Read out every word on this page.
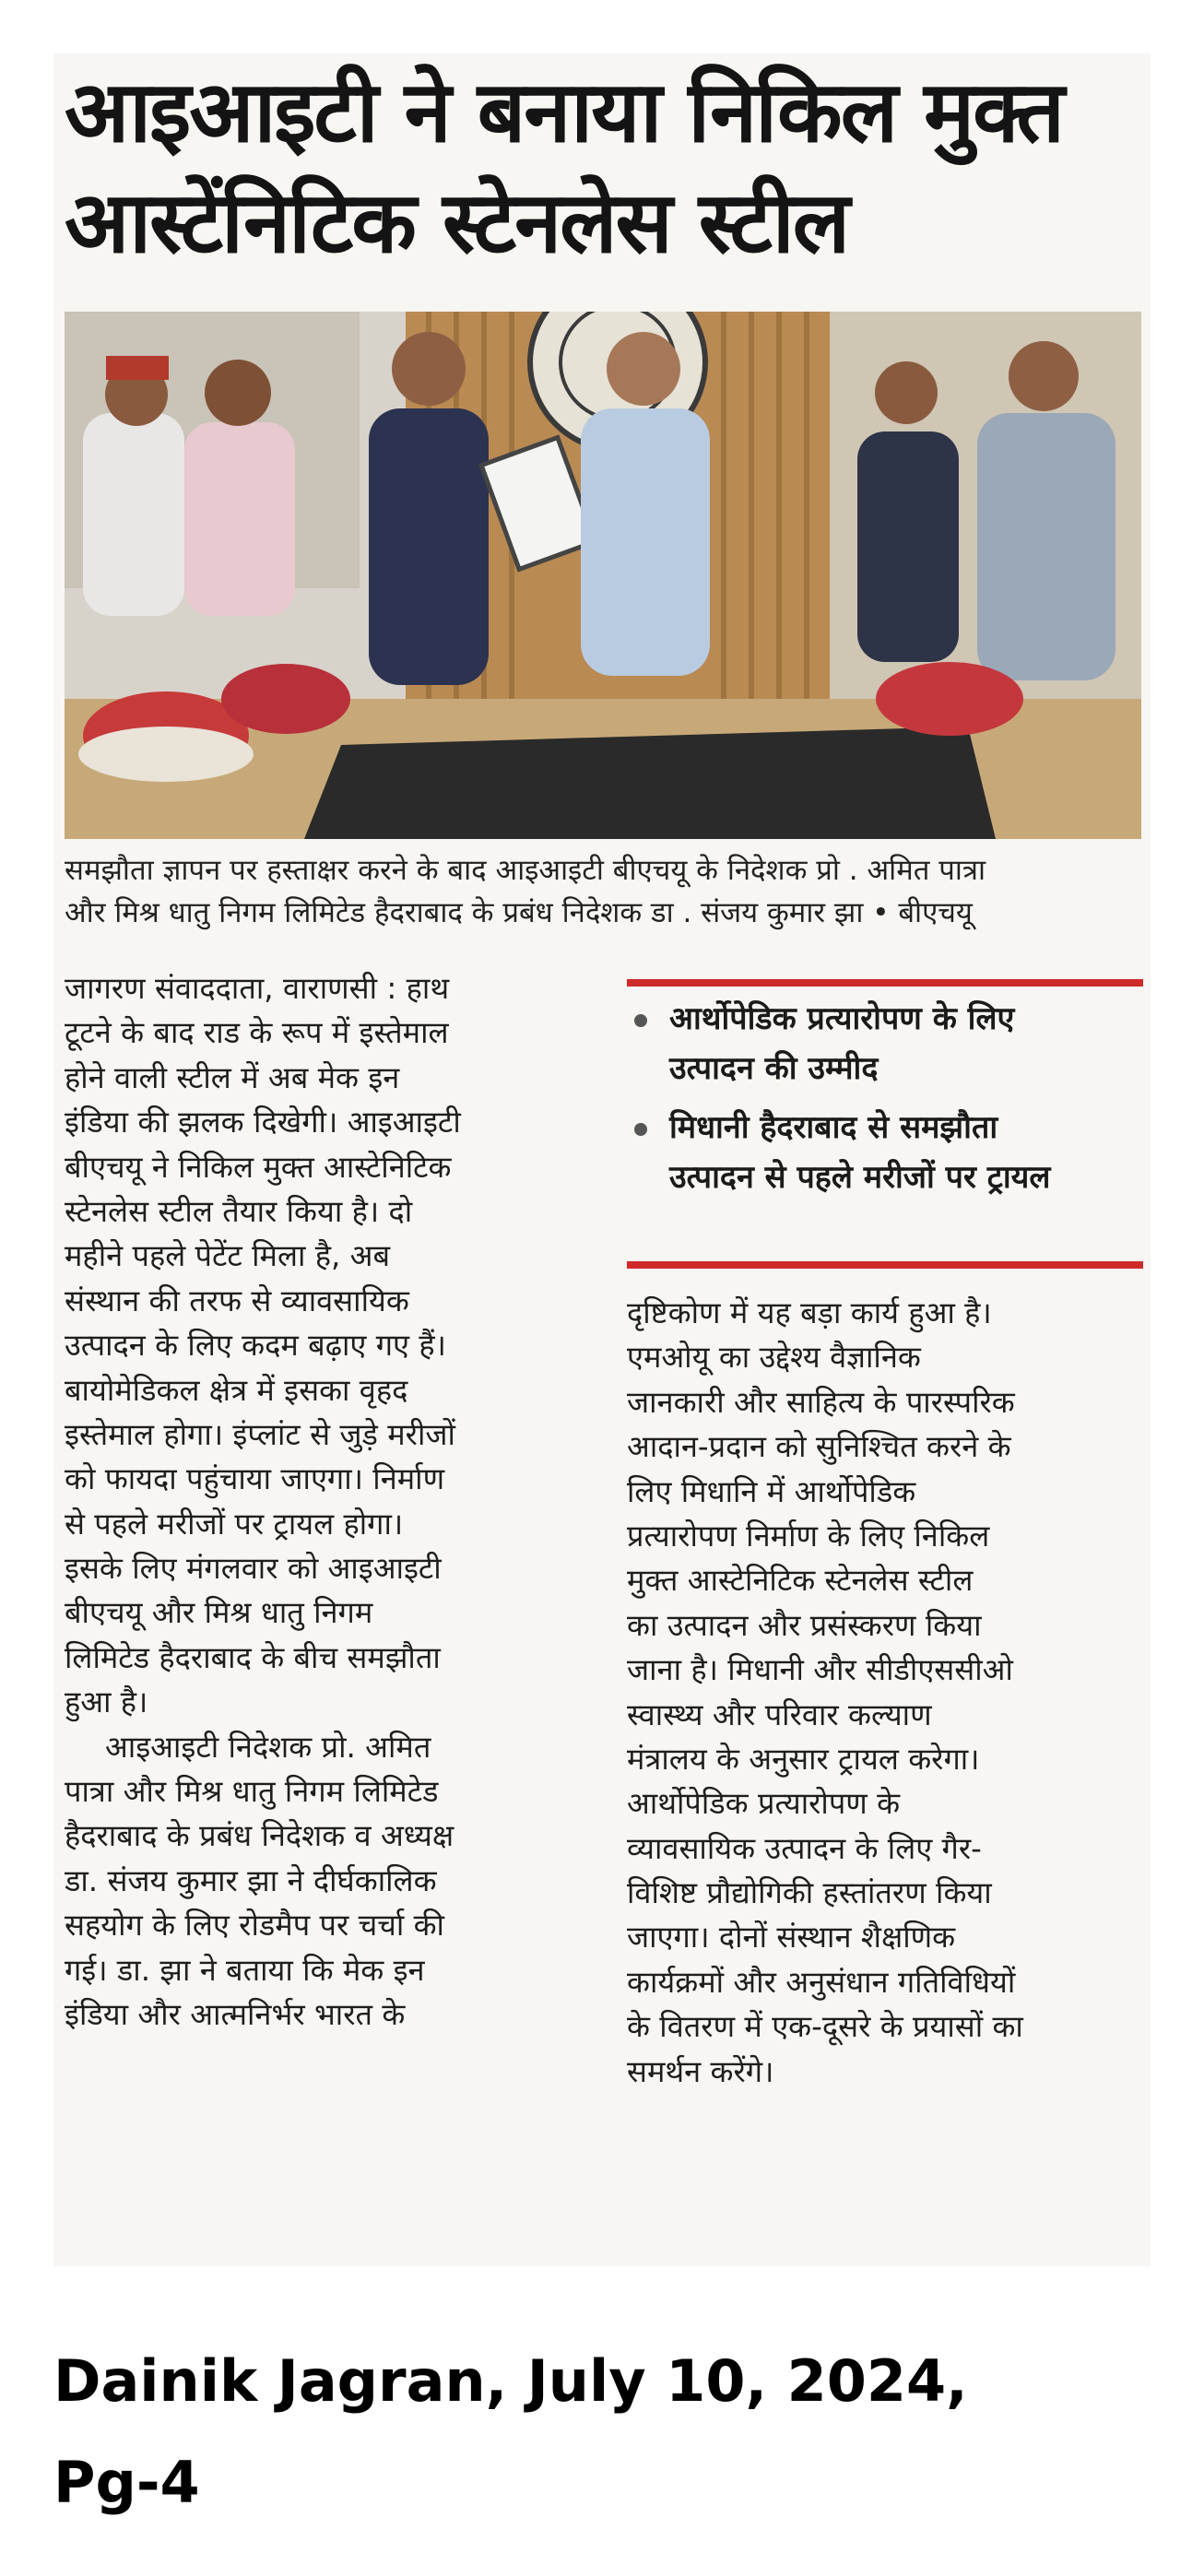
आइआइटी ने बनाया निकिल मुक्त
आस्टेंनिटिक स्टेनलेस स्टील
समझौता ज्ञापन पर हस्ताक्षर करने के बाद आइआइटी बीएचयू के निदेशक प्रो . अमित पात्रा
और मिश्र धातु निगम लिमिटेड हैदराबाद के प्रबंध निदेशक डा . संजय कुमार झा • बीएचयू
जागरण संवाददाता, वाराणसी : हाथ
टूटने के बाद राड के रूप में इस्तेमाल
होने वाली स्टील में अब मेक इन
इंडिया की झलक दिखेगी। आइआइटी
बीएचयू ने निकिल मुक्त आस्टेनिटिक
स्टेनलेस स्टील तैयार किया है। दो
महीने पहले पेटेंट मिला है, अब
संस्थान की तरफ से व्यावसायिक
उत्पादन के लिए कदम बढ़ाए गए हैं।
बायोमेडिकल क्षेत्र में इसका वृहद
इस्तेमाल होगा। इंप्लांट से जुड़े मरीजों
को फायदा पहुंचाया जाएगा। निर्माण
से पहले मरीजों पर ट्रायल होगा।
इसके लिए मंगलवार को आइआइटी
बीएचयू और मिश्र धातु निगम
लिमिटेड हैदराबाद के बीच समझौता
हुआ है।
आइआइटी निदेशक प्रो. अमित
पात्रा और मिश्र धातु निगम लिमिटेड
हैदराबाद के प्रबंध निदेशक व अध्यक्ष
डा. संजय कुमार झा ने दीर्घकालिक
सहयोग के लिए रोडमैप पर चर्चा की
गई। डा. झा ने बताया कि मेक इन
इंडिया और आत्मनिर्भर भारत के
आर्थोपेडिक प्रत्यारोपण के लिए
उत्पादन की उम्मीद
मिधानी हैदराबाद से समझौता
उत्पादन से पहले मरीजों पर ट्रायल
दृष्टिकोण में यह बड़ा कार्य हुआ है।
एमओयू का उद्देश्य वैज्ञानिक
जानकारी और साहित्य के पारस्परिक
आदान-प्रदान को सुनिश्चित करने के
लिए मिधानि में आर्थोपेडिक
प्रत्यारोपण निर्माण के लिए निकिल
मुक्त आस्टेनिटिक स्टेनलेस स्टील
का उत्पादन और प्रसंस्करण किया
जाना है। मिधानी और सीडीएससीओ
स्वास्थ्य और परिवार कल्याण
मंत्रालय के अनुसार ट्रायल करेगा।
आर्थोपेडिक प्रत्यारोपण के
व्यावसायिक उत्पादन के लिए गैर-
विशिष्ट प्रौद्योगिकी हस्तांतरण किया
जाएगा। दोनों संस्थान शैक्षणिक
कार्यक्रमों और अनुसंधान गतिविधियों
के वितरण में एक-दूसरे के प्रयासों का
समर्थन करेंगे।
Dainik Jagran, July 10, 2024,
Pg-4
